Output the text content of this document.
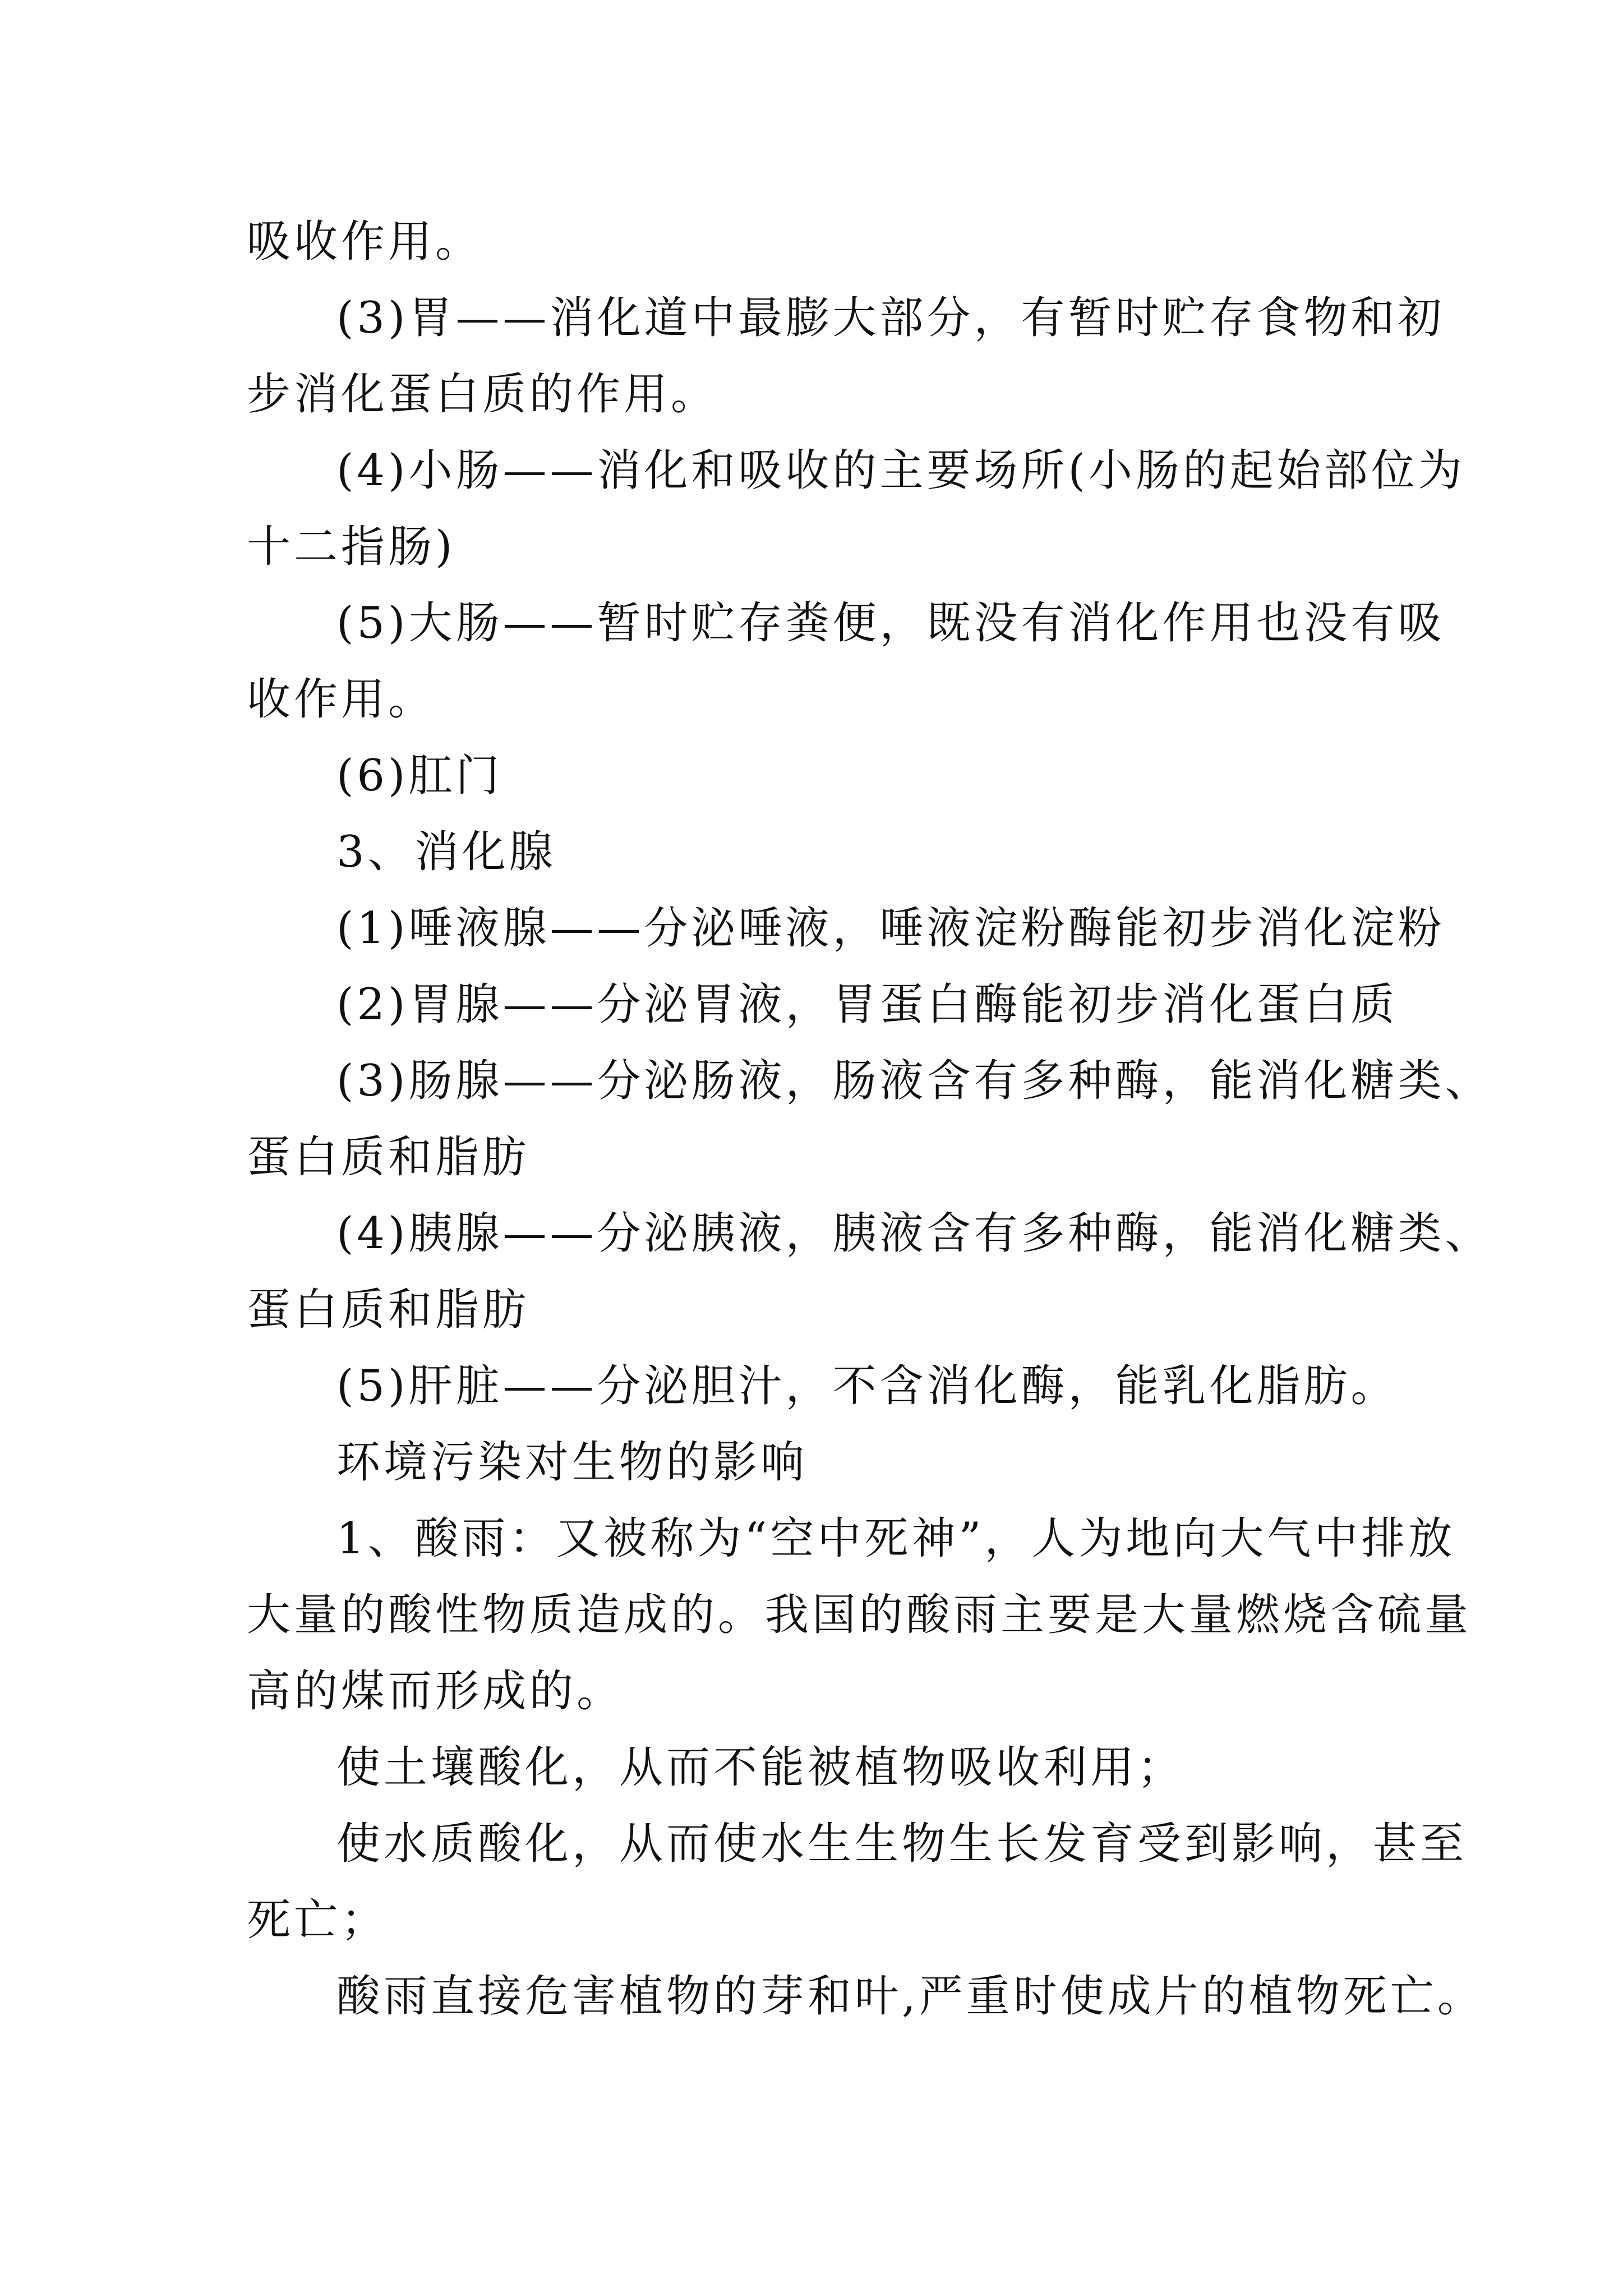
吸收作用。
(3)胃——消化道中最膨大部分，有暂时贮存食物和初
步消化蛋白质的作用。
(4)小肠——消化和吸收的主要场所(小肠的起始部位为
十二指肠)
(5)大肠——暂时贮存粪便，既没有消化作用也没有吸
收作用。
(6)肛门
3、消化腺
(1)唾液腺——分泌唾液，唾液淀粉酶能初步消化淀粉
(2)胃腺——分泌胃液，胃蛋白酶能初步消化蛋白质
(3)肠腺——分泌肠液，肠液含有多种酶，能消化糖类、
蛋白质和脂肪
(4)胰腺——分泌胰液，胰液含有多种酶，能消化糖类、
蛋白质和脂肪
(5)肝脏——分泌胆汁，不含消化酶，能乳化脂肪。
环境污染对生物的影响
1、酸雨：又被称为“空中死神”，人为地向大气中排放
大量的酸性物质造成的。我国的酸雨主要是大量燃烧含硫量
高的煤而形成的。
使土壤酸化，从而不能被植物吸收利用；
使水质酸化，从而使水生生物生长发育受到影响，甚至
死亡；
酸雨直接危害植物的芽和叶,严重时使成片的植物死亡。
